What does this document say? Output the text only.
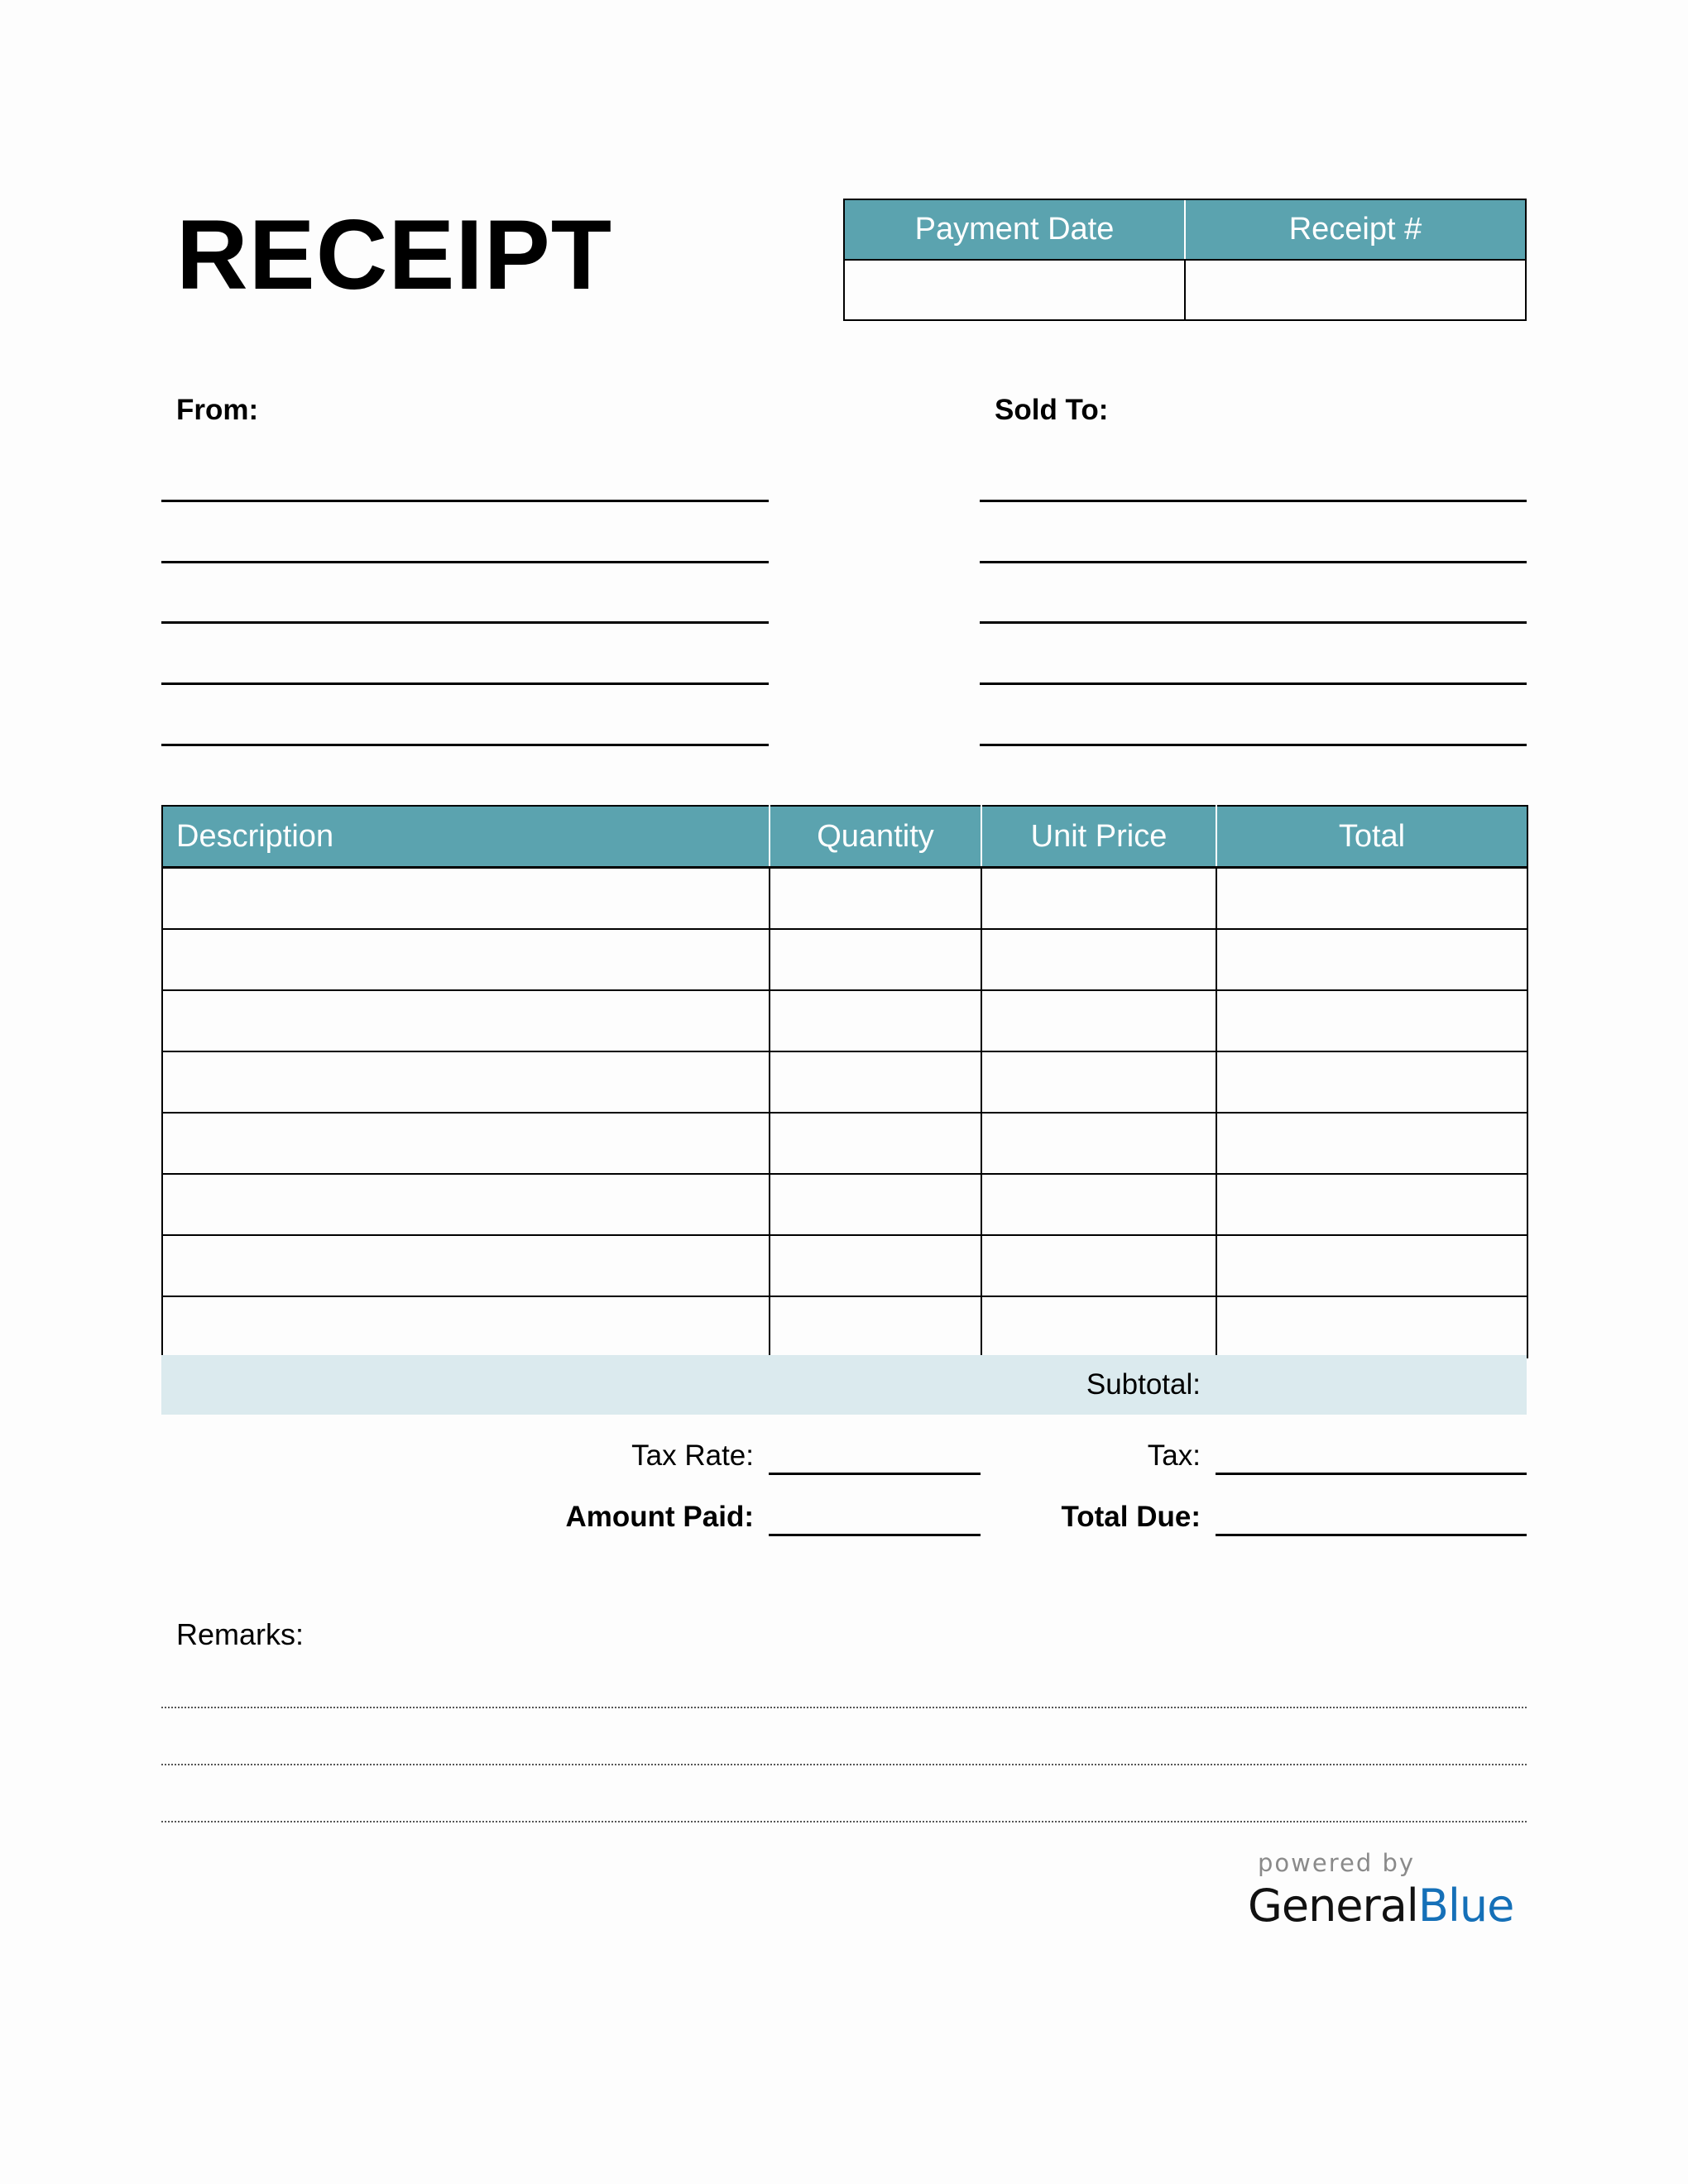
RECEIPT	Payment Date	Receipt #
From:	Sold To:
Description	Quantity	Unit Price	Total

Subtotal:
Tax Rate:	Tax:
Amount Paid:	Total Due:
Remarks:
powered by
GeneralBlue
